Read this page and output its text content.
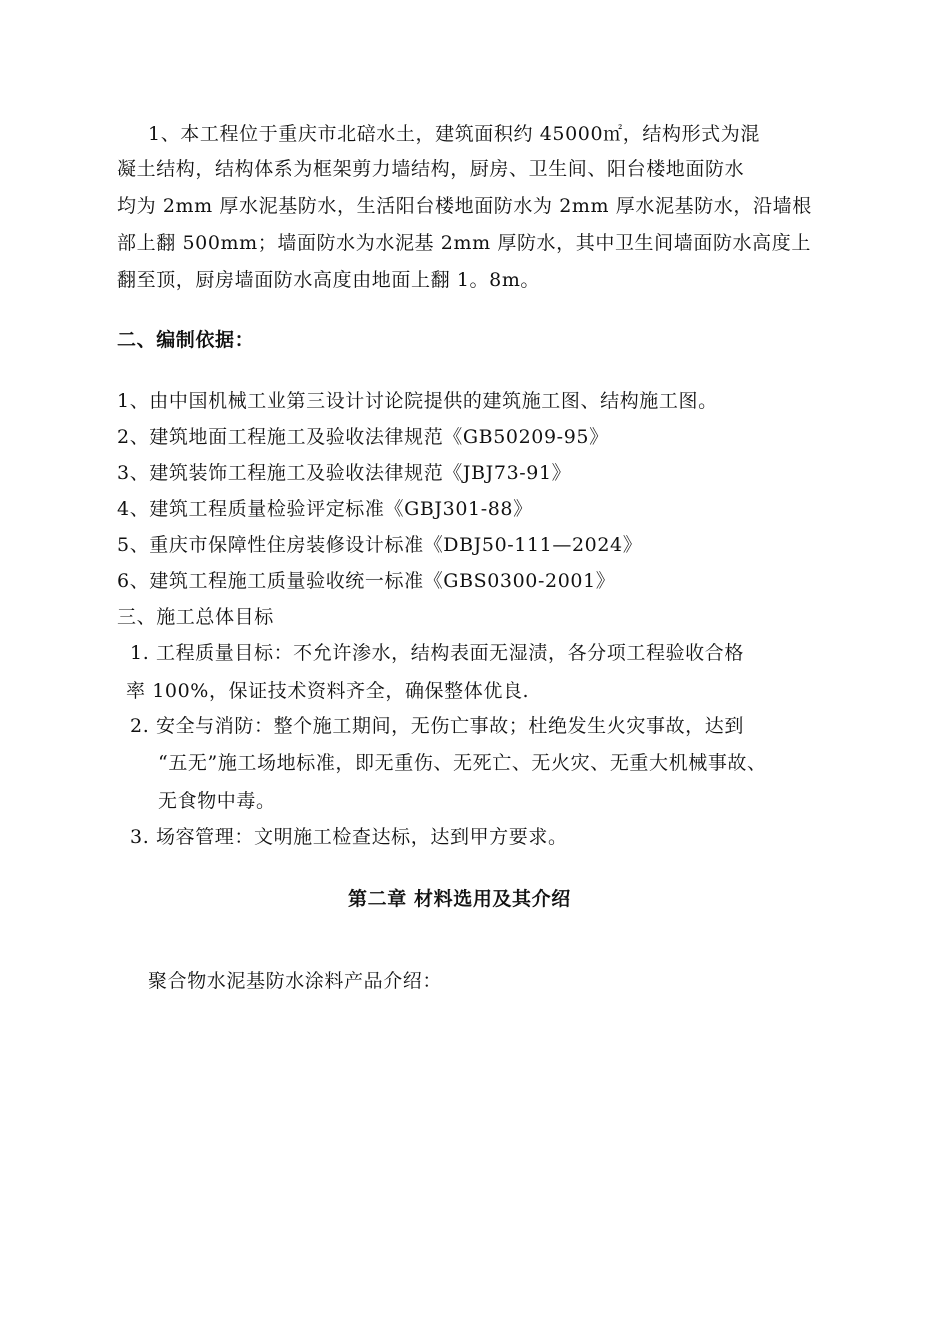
1、本工程位于重庆市北碚水土，建筑面积约 45000㎡，结构形式为混
凝土结构，结构体系为框架剪力墙结构，厨房、卫生间、阳台楼地面防水
均为 2mm 厚水泥基防水，生活阳台楼地面防水为 2mm 厚水泥基防水，沿墙根
部上翻 500mm；墙面防水为水泥基 2mm 厚防水，其中卫生间墙面防水高度上
翻至顶，厨房墙面防水高度由地面上翻 1。8m。
二、编制依据：
1、由中国机械工业第三设计讨论院提供的建筑施工图、结构施工图。
2、建筑地面工程施工及验收法律规范《GB50209-95》
3、建筑装饰工程施工及验收法律规范《JBJ73-91》
4、建筑工程质量检验评定标准《GBJ301-88》
5、重庆市保障性住房装修设计标准《DBJ50-111—2024》
6、建筑工程施工质量验收统一标准《GBS0300-2001》
三、施工总体目标
1. 工程质量目标：不允许渗水，结构表面无湿渍，各分项工程验收合格
率 100%，保证技术资料齐全，确保整体优良.
2. 安全与消防：整个施工期间，无伤亡事故；杜绝发生火灾事故，达到
“五无”施工场地标准，即无重伤、无死亡、无火灾、无重大机械事故、
无食物中毒。
3. 场容管理：文明施工检查达标，达到甲方要求。
第二章 材料选用及其介绍
聚合物水泥基防水涂料产品介绍：
